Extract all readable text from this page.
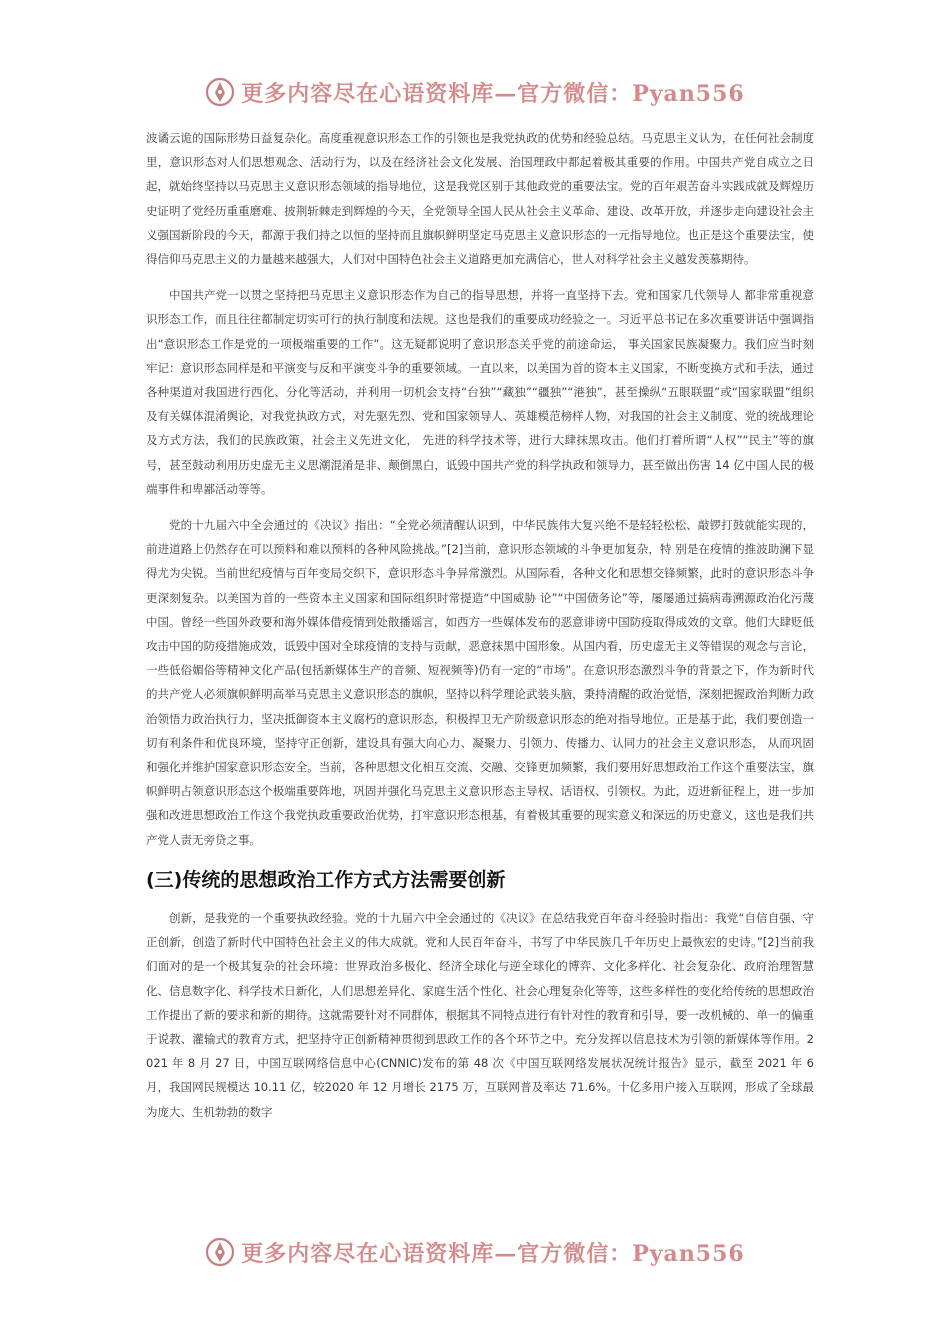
更多内容尽在心语资料库—官方微信：Pyan556

波谲云诡的国际形势日益复杂化。高度重视意识形态工作的引领也是我党执政的优势和经验总结。马克思主义认为，在任何社会制度里，意识形态对人们思想观念、活动行为，以及在经济社会文化发展、治国理政中都起着极其重要的作用。中国共产党自成立之日起，就始终坚持以马克思主义意识形态领域的指导地位，这是我党区别于其他政党的重要法宝。党的百年艰苦奋斗实践成就及辉煌历史证明了党经历重重磨难、披荆斩棘走到辉煌的今天，全党领导全国人民从社会主义革命、建设、改革开放，并逐步走向建设社会主义强国新阶段的今天，都源于我们持之以恒的坚持而且旗帜鲜明坚定马克思主义意识形态的一元指导地位。也正是这个重要法宝，使得信仰马克思主义的力量越来越强大，人们对中国特色社会主义道路更加充满信心，世人对科学社会主义越发羡慕期待。

中国共产党一以贯之坚持把马克思主义意识形态作为自己的指导思想，并将一直坚持下去。党和国家几代领导人 都非常重视意识形态工作，而且往往都制定切实可行的执行制度和法规。这也是我们的重要成功经验之一。习近平总书记在多次重要讲话中强调指出“意识形态工作是党的一项极端重要的工作”。这无疑都说明了意识形态关乎党的前途命运， 事关国家民族凝聚力。我们应当时刻牢记：意识形态同样是和平演变与反和平演变斗争的重要领域。一直以来，以美国为首的资本主义国家，不断变换方式和手法，通过各种渠道对我国进行西化、分化等活动，并利用一切机会支持“台独”“藏独”“疆独”“港独”，甚至操纵“五眼联盟”或“国家联盟”组织及有关媒体混淆舆论，对我党执政方式，对先驱先烈、党和国家领导人、英雄模范榜样人物，对我国的社会主义制度、党的统战理论及方式方法，我们的民族政策，社会主义先进文化， 先进的科学技术等，进行大肆抹黑攻击。他们打着所谓“人权”“民主”等的旗号，甚至鼓动利用历史虚无主义思潮混淆是非、颠倒黑白，诋毁中国共产党的科学执政和领导力，甚至做出伤害 14 亿中国人民的极端事件和卑鄙活动等等。

党的十九届六中全会通过的《决议》指出：“全党必须清醒认识到，中华民族伟大复兴绝不是轻轻松松、敲锣打鼓就能实现的，前进道路上仍然存在可以预料和难以预料的各种风险挑战。”[2]当前，意识形态领域的斗争更加复杂，特 别是在疫情的推波助澜下显得尤为尖锐。当前世纪疫情与百年变局交织下，意识形态斗争异常激烈。从国际看，各种文化和思想交锋频繁，此时的意识形态斗争更深刻复杂。以美国为首的一些资本主义国家和国际组织时常提造“中国威胁 论”“中国债务论”等，屡屡通过搞病毒溯源政治化污蔑中国。曾经一些国外政要和海外媒体借疫情到处散播谣言，如西方一些媒体发布的恶意诽谤中国防疫取得成效的文章。他们大肆贬低攻击中国的防疫措施成效，诋毁中国对全球疫情的支持与贡献，恶意抹黑中国形象。从国内看，历史虚无主义等错误的观念与言论，一些低俗媚俗等精神文化产品(包括新媒体生产的音频、短视频等)仍有一定的“市场”。在意识形态激烈斗争的背景之下，作为新时代的共产党人必须旗帜鲜明高举马克思主义意识形态的旗帜，坚持以科学理论武装头脑，秉持清醒的政治觉悟，深刻把握政治判断力政治领悟力政治执行力，坚决抵御资本主义腐朽的意识形态，积极捍卫无产阶级意识形态的绝对指导地位。正是基于此，我们要创造一切有利条件和优良环境，坚持守正创新，建设具有强大向心力、凝聚力、引领力、传播力、认同力的社会主义意识形态， 从而巩固和强化并维护国家意识形态安全。当前，各种思想文化相互交流、交融、交锋更加频繁，我们要用好思想政治工作这个重要法宝，旗帜鲜明占领意识形态这个极端重要阵地，巩固并强化马克思主义意识形态主导权、话语权、引领权。为此，迈进新征程上，进一步加强和改进思想政治工作这个我党执政重要政治优势，打牢意识形态根基，有着极其重要的现实意义和深远的历史意义，这也是我们共产党人责无旁贷之事。

(三)传统的思想政治工作方式方法需要创新

创新，是我党的一个重要执政经验。党的十九届六中全会通过的《决议》在总结我党百年奋斗经验时指出：我党“自信自强、守正创新，创造了新时代中国特色社会主义的伟大成就。党和人民百年奋斗，书写了中华民族几千年历史上最恢宏的史诗。”[2]当前我们面对的是一个极其复杂的社会环境：世界政治多极化、经济全球化与逆全球化的博弈、文化多样化、社会复杂化、政府治理智慧化、信息数字化、科学技术日新化，人们思想差异化、家庭生活个性化、社会心理复杂化等等，这些多样性的变化给传统的思想政治工作提出了新的要求和新的期待。这就需要针对不同群体，根据其不同特点进行有针对性的教育和引导，要一改机械的、单一的偏重于说教、灌输式的教育方式，把坚持守正创新精神贯彻到思政工作的各个环节之中。充分发挥以信息技术为引领的新媒体等作用。2021 年 8 月 27 日，中国互联网络信息中心(CNNIC)发布的第 48 次《中国互联网络发展状况统计报告》显示，截至 2021 年 6 月，我国网民规模达 10.11 亿，较2020 年 12 月增长 2175 万，互联网普及率达 71.6%。十亿多用户接入互联网，形成了全球最为庞大、生机勃勃的数字

更多内容尽在心语资料库—官方微信：Pyan556
